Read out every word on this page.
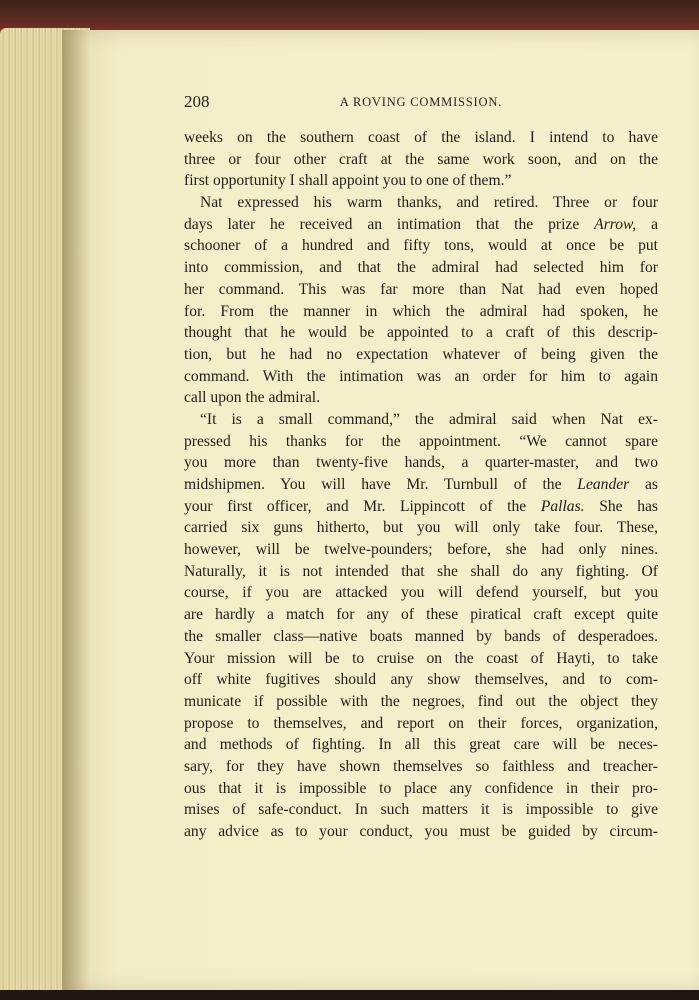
208	A ROVING COMMISSION.
weeks on the southern coast of the island. I intend to have
three or four other craft at the same work soon, and on the
first opportunity I shall appoint you to one of them.”
Nat expressed his warm thanks, and retired. Three or four
days later he received an intimation that the prize Arrow, a
schooner of a hundred and fifty tons, would at once be put
into commission, and that the admiral had selected him for
her command. This was far more than Nat had even hoped
for. From the manner in which the admiral had spoken, he
thought that he would be appointed to a craft of this descrip-
tion, but he had no expectation whatever of being given the
command. With the intimation was an order for him to again
call upon the admiral.
“It is a small command,” the admiral said when Nat ex-
pressed his thanks for the appointment. “We cannot spare
you more than twenty-five hands, a quarter-master, and two
midshipmen. You will have Mr. Turnbull of the Leander as
your first officer, and Mr. Lippincott of the Pallas. She has
carried six guns hitherto, but you will only take four. These,
however, will be twelve-pounders; before, she had only nines.
Naturally, it is not intended that she shall do any fighting. Of
course, if you are attacked you will defend yourself, but you
are hardly a match for any of these piratical craft except quite
the smaller class—native boats manned by bands of desperadoes.
Your mission will be to cruise on the coast of Hayti, to take
off white fugitives should any show themselves, and to com-
municate if possible with the negroes, find out the object they
propose to themselves, and report on their forces, organization,
and methods of fighting. In all this great care will be neces-
sary, for they have shown themselves so faithless and treacher-
ous that it is impossible to place any confidence in their pro-
mises of safe-conduct. In such matters it is impossible to give
any advice as to your conduct, you must be guided by circum-
